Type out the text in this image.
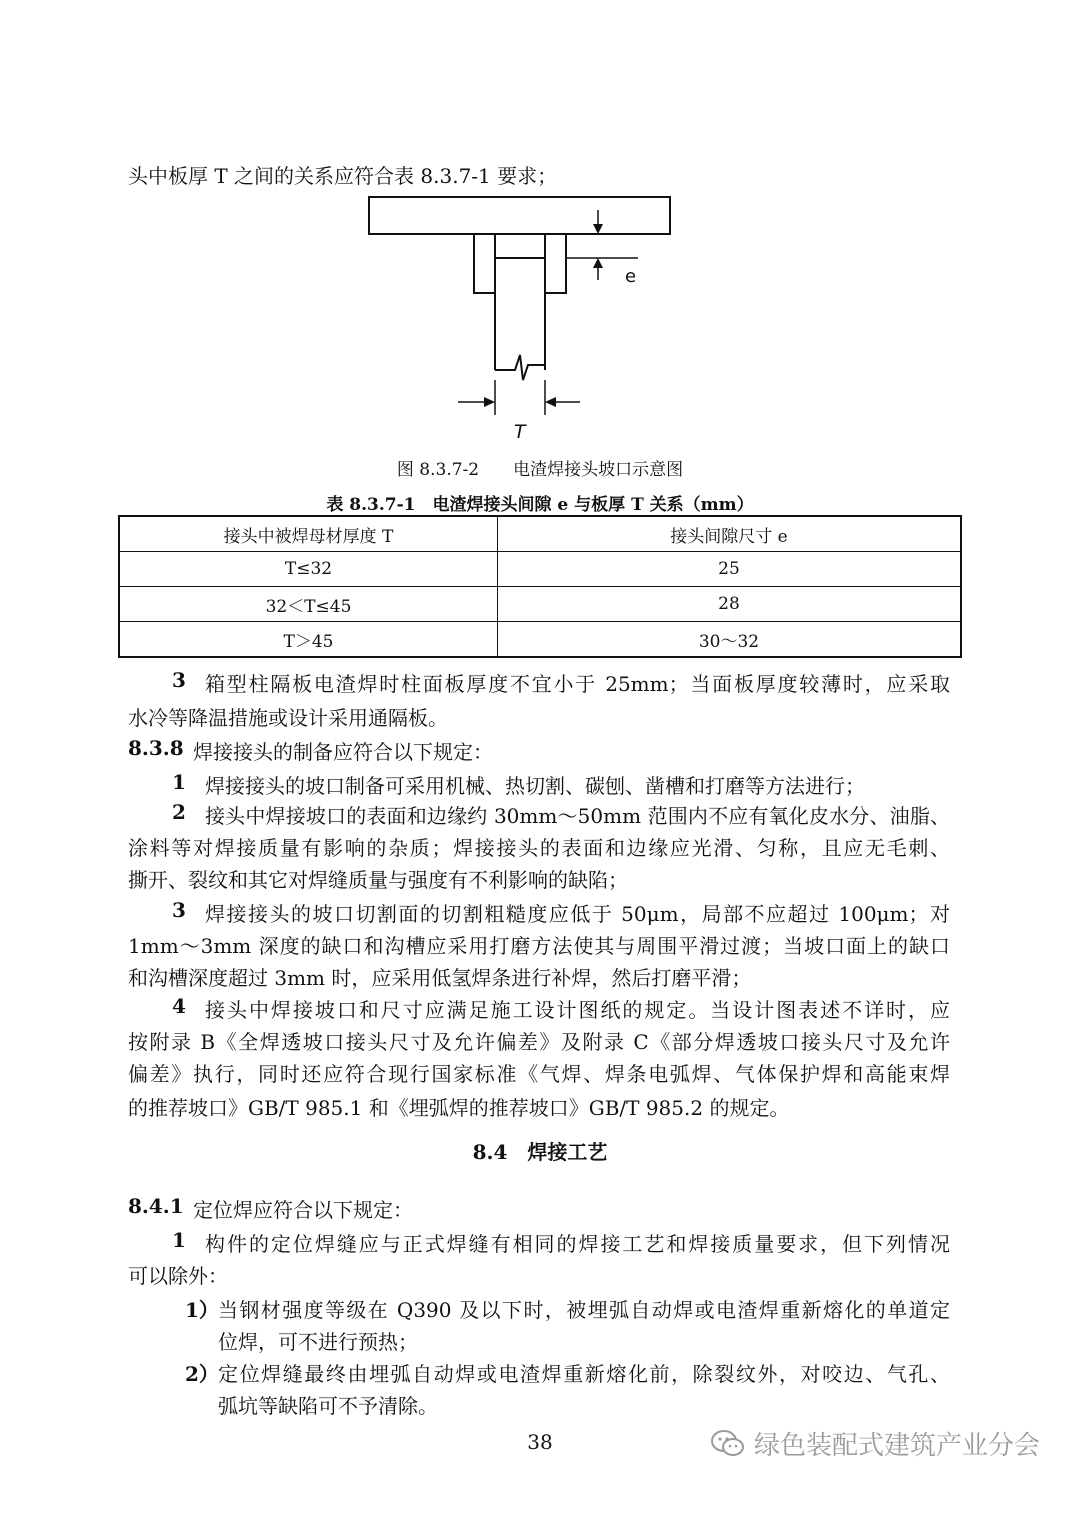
头中板厚 T 之间的关系应符合表 8.3.7-1 要求；
e
T
图 8.3.7-2　　电渣焊接头坡口示意图
表 8.3.7-1　电渣焊接头间隙 e 与板厚 T 关系（mm）
接头中被焊母材厚度 T	接头间隙尺寸 e
T≤32	25
32＜T≤45	28
T＞45	30～32
3 箱型柱隔板电渣焊时柱面板厚度不宜小于 25mm；当面板厚度较薄时，应采取
水冷等降温措施或设计采用通隔板。
8.3.8 焊接接头的制备应符合以下规定：
1 焊接接头的坡口制备可采用机械、热切割、碳刨、凿槽和打磨等方法进行；
2 接头中焊接坡口的表面和边缘约 30mm～50mm 范围内不应有氧化皮水分、油脂、
涂料等对焊接质量有影响的杂质；焊接接头的表面和边缘应光滑、匀称，且应无毛刺、
撕开、裂纹和其它对焊缝质量与强度有不利影响的缺陷；
3 焊接接头的坡口切割面的切割粗糙度应低于 50μm，局部不应超过 100μm；对
1mm～3mm 深度的缺口和沟槽应采用打磨方法使其与周围平滑过渡；当坡口面上的缺口
和沟槽深度超过 3mm 时，应采用低氢焊条进行补焊，然后打磨平滑；
4 接头中焊接坡口和尺寸应满足施工设计图纸的规定。当设计图表述不详时，应
按附录 B《全焊透坡口接头尺寸及允许偏差》及附录 C《部分焊透坡口接头尺寸及允许
偏差》执行，同时还应符合现行国家标准《气焊、焊条电弧焊、气体保护焊和高能束焊
的推荐坡口》GB/T 985.1 和《埋弧焊的推荐坡口》GB/T 985.2 的规定。
8.4　焊接工艺
8.4.1 定位焊应符合以下规定：
1 构件的定位焊缝应与正式焊缝有相同的焊接工艺和焊接质量要求，但下列情况
可以除外：
1） 当钢材强度等级在 Q390 及以下时，被埋弧自动焊或电渣焊重新熔化的单道定
位焊，可不进行预热；
2） 定位焊缝最终由埋弧自动焊或电渣焊重新熔化前，除裂纹外，对咬边、气孔、
弧坑等缺陷可不予清除。
38	绿色装配式建筑产业分会
